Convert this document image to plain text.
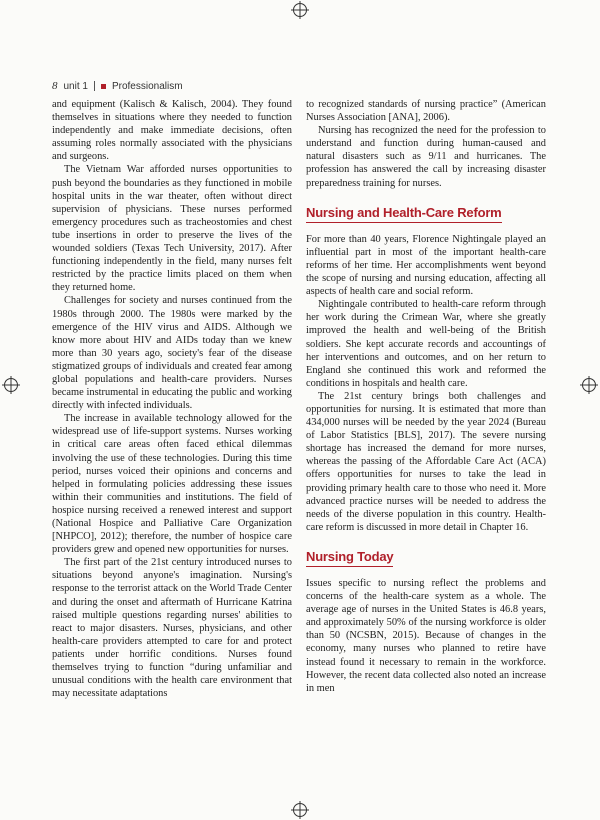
8 unit 1 Professionalism

and equipment (Kalisch & Kalisch, 2004). They found themselves in situations where they needed to function independently and make immediate decisions, often assuming roles normally associated with the physicians and surgeons.

The Vietnam War afforded nurses opportunities to push beyond the boundaries as they functioned in mobile hospital units in the war theater, often without direct supervision of physicians. These nurses performed emergency procedures such as tracheostomies and chest tube insertions in order to preserve the lives of the wounded soldiers (Texas Tech University, 2017). After functioning independently in the field, many nurses felt restricted by the practice limits placed on them when they returned home.

Challenges for society and nurses continued from the 1980s through 2000. The 1980s were marked by the emergence of the HIV virus and AIDS. Although we know more about HIV and AIDs today than we knew more than 30 years ago, society's fear of the disease stigmatized groups of individuals and created fear among global populations and health-care providers. Nurses became instrumental in educating the public and working directly with infected individuals.

The increase in available technology allowed for the widespread use of life-support systems. Nurses working in critical care areas often faced ethical dilemmas involving the use of these technologies. During this time period, nurses voiced their opinions and concerns and helped in formulating policies addressing these issues within their communities and institutions. The field of hospice nursing received a renewed interest and support (National Hospice and Palliative Care Organization [NHPCO], 2012); therefore, the number of hospice care providers grew and opened new opportunities for nurses.

The first part of the 21st century introduced nurses to situations beyond anyone's imagination. Nursing's response to the terrorist attack on the World Trade Center and during the onset and aftermath of Hurricane Katrina raised multiple questions regarding nurses' abilities to react to major disasters. Nurses, physicians, and other health-care providers attempted to care for and protect patients under horrific conditions. Nurses found themselves trying to function “during unfamiliar and unusual conditions with the health care environment that may necessitate adaptations

to recognized standards of nursing practice” (American Nurses Association [ANA], 2006).

Nursing has recognized the need for the profession to understand and function during human-caused and natural disasters such as 9/11 and hurricanes. The profession has answered the call by increasing disaster preparedness training for nurses.

Nursing and Health-Care Reform

For more than 40 years, Florence Nightingale played an influential part in most of the important health-care reforms of her time. Her accomplishments went beyond the scope of nursing and nursing education, affecting all aspects of health care and social reform.

Nightingale contributed to health-care reform through her work during the Crimean War, where she greatly improved the health and well-being of the British soldiers. She kept accurate records and accountings of her interventions and outcomes, and on her return to England she continued this work and reformed the conditions in hospitals and health care.

The 21st century brings both challenges and opportunities for nursing. It is estimated that more than 434,000 nurses will be needed by the year 2024 (Bureau of Labor Statistics [BLS], 2017). The severe nursing shortage has increased the demand for more nurses, whereas the passing of the Affordable Care Act (ACA) offers opportunities for nurses to take the lead in providing primary health care to those who need it. More advanced practice nurses will be needed to address the needs of the diverse population in this country. Health-care reform is discussed in more detail in Chapter 16.

Nursing Today

Issues specific to nursing reflect the problems and concerns of the health-care system as a whole. The average age of nurses in the United States is 46.8 years, and approximately 50% of the nursing workforce is older than 50 (NCSBN, 2015). Because of changes in the economy, many nurses who planned to retire have instead found it necessary to remain in the workforce. However, the recent data collected also noted an increase in men
